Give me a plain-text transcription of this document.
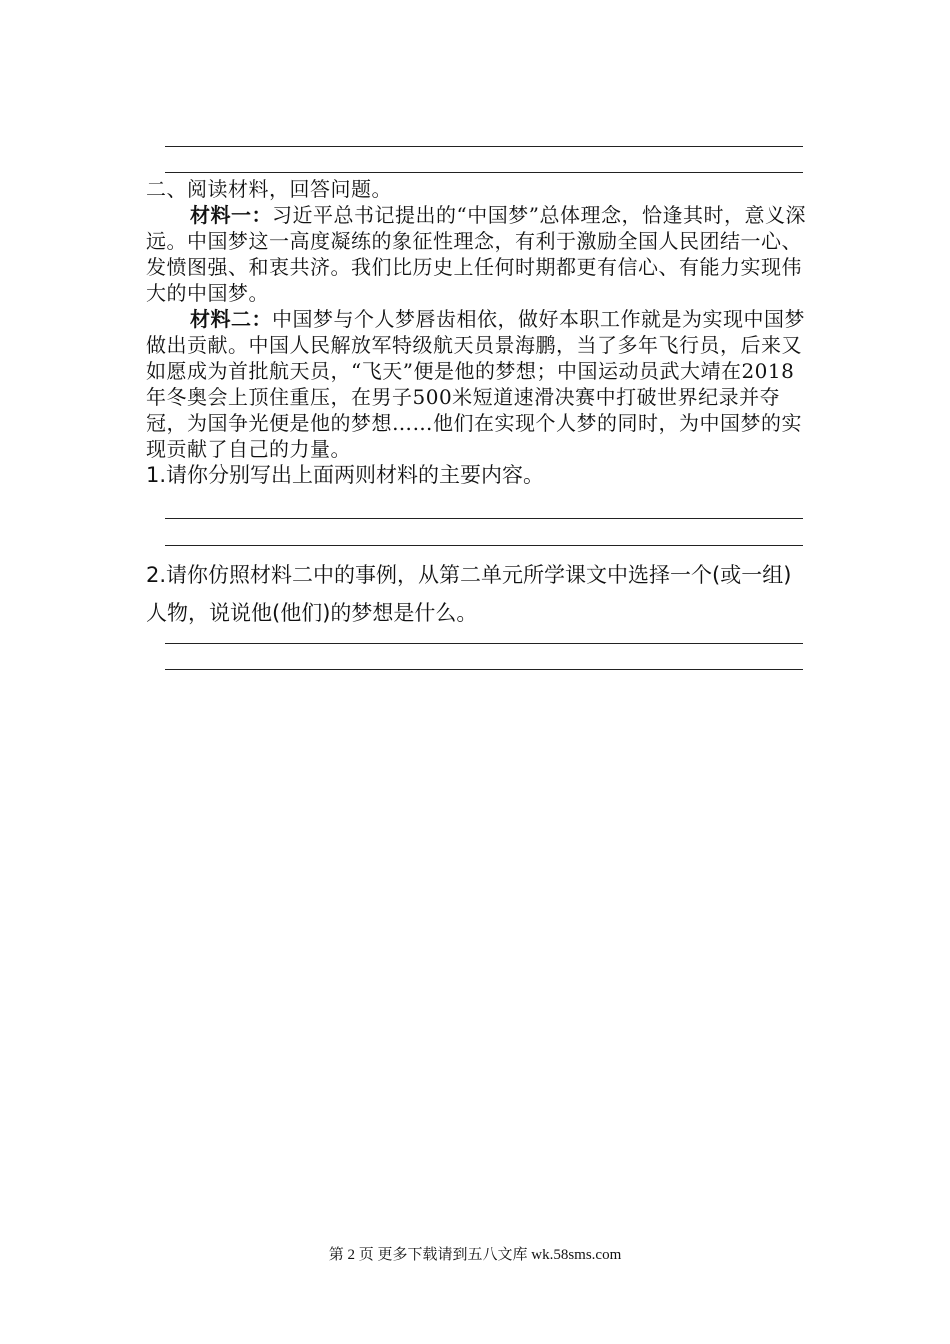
二、阅读材料，回答问题。

材料一：习近平总书记提出的“中国梦”总体理念，恰逢其时，意义深远。中国梦这一高度凝练的象征性理念，有利于激励全国人民团结一心、发愤图强、和衷共济。我们比历史上任何时期都更有信心、有能力实现伟大的中国梦。

材料二：中国梦与个人梦唇齿相依，做好本职工作就是为实现中国梦做出贡献。中国人民解放军特级航天员景海鹏，当了多年飞行员，后来又如愿成为首批航天员，“飞天”便是他的梦想；中国运动员武大靖在2018年冬奥会上顶住重压，在男子500米短道速滑决赛中打破世界纪录并夺冠，为国争光便是他的梦想……他们在实现个人梦的同时，为中国梦的实现贡献了自己的力量。

1.请你分别写出上面两则材料的主要内容。
2.请你仿照材料二中的事例，从第二单元所学课文中选择一个(或一组)人物，说说他(他们)的梦想是什么。
第 2 页 更多下载请到五八文库 wk.58sms.com
